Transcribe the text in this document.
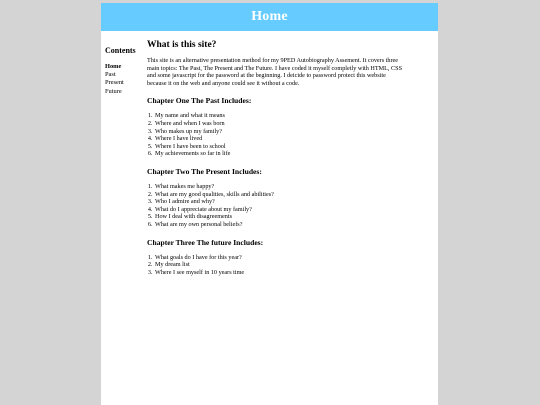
Home
Contents
Home
Past
Present
Future
What is this site?

This site is an alternative presentation method for my 9PED Autobiography Assement. It covers three main topics: The Past, The Present and The Future. I have coded it myself completly with HTML, CSS and some javascript for the password at the beginning. I deicide to password protect this website because it on the web and anyone could see it without a code.

Chapter One The Past Includes:
1. My name and what it means
2. Where and when I was born
3. Who makes up my family?
4. Where I have lived
5. Where I have been to school
6. My achievements so far in life
Chapter Two The Present Includes:
1. What makes me happy?
2. What are my good qualities, skills and abilities?
3. Who I admire and why?
4. What do I appreciate about my family?
5. How I deal with disagreements
6. What are my own personal beliefs?
Chapter Three The future Includes:
1. What goals do I have for this year?
2. My dream list
3. Where I see myself in 10 years time
